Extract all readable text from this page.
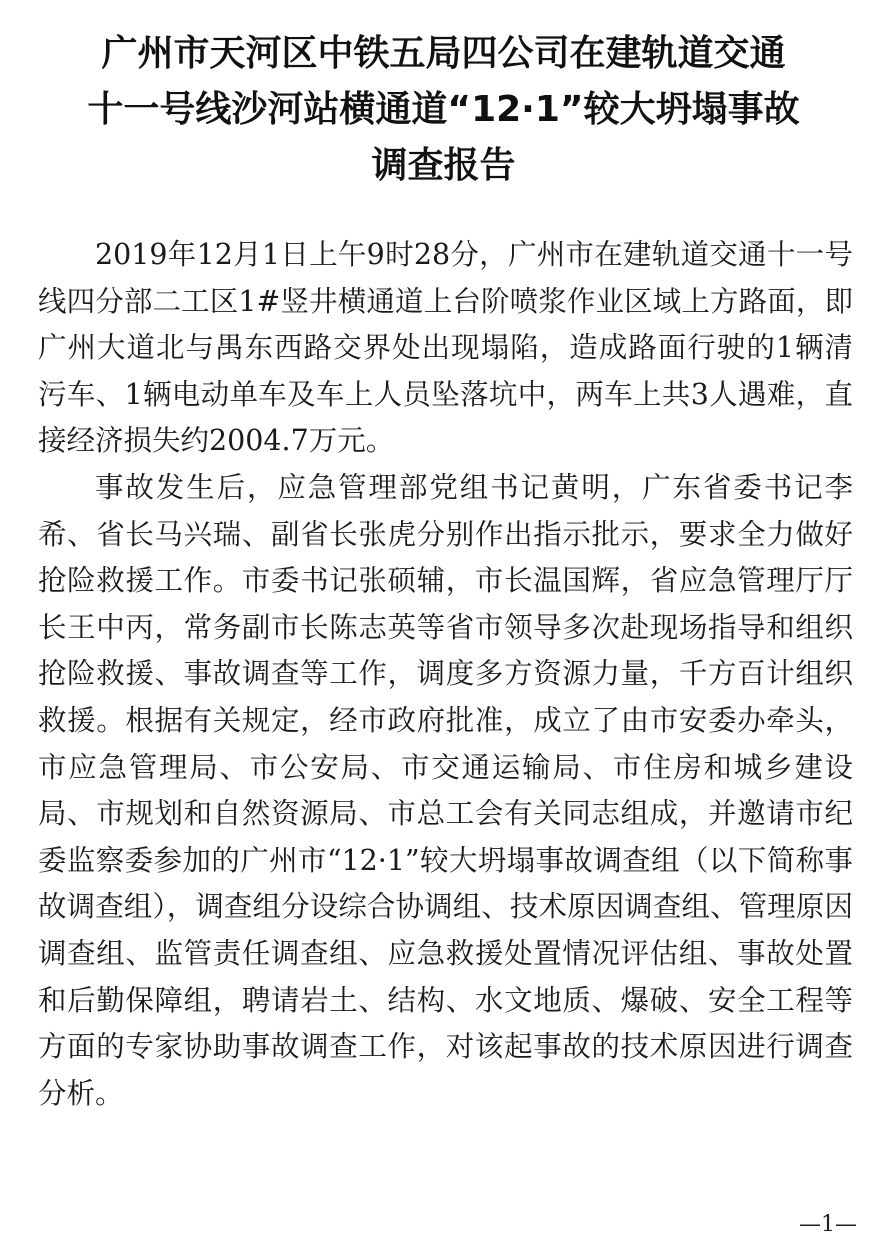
广州市天河区中铁五局四公司在建轨道交通
十一号线沙河站横通道“12·1”较大坍塌事故
调查报告

2019年12月1日上午9时28分，广州市在建轨道交通十一号线四分部二工区1#竖井横通道上台阶喷浆作业区域上方路面，即广州大道北与禺东西路交界处出现塌陷，造成路面行驶的1辆清污车、1辆电动单车及车上人员坠落坑中，两车上共3人遇难，直接经济损失约2004.7万元。

事故发生后，应急管理部党组书记黄明，广东省委书记李希、省长马兴瑞、副省长张虎分别作出指示批示，要求全力做好抢险救援工作。市委书记张硕辅，市长温国辉，省应急管理厅厅长王中丙，常务副市长陈志英等省市领导多次赴现场指导和组织抢险救援、事故调查等工作，调度多方资源力量，千方百计组织救援。根据有关规定，经市政府批准，成立了由市安委办牵头，市应急管理局、市公安局、市交通运输局、市住房和城乡建设局、市规划和自然资源局、市总工会有关同志组成，并邀请市纪委监察委参加的广州市“12·1”较大坍塌事故调查组（以下简称事故调查组），调查组分设综合协调组、技术原因调查组、管理原因调查组、监管责任调查组、应急救援处置情况评估组、事故处置和后勤保障组，聘请岩土、结构、水文地质、爆破、安全工程等方面的专家协助事故调查工作，对该起事故的技术原因进行调查分析。

—1—
